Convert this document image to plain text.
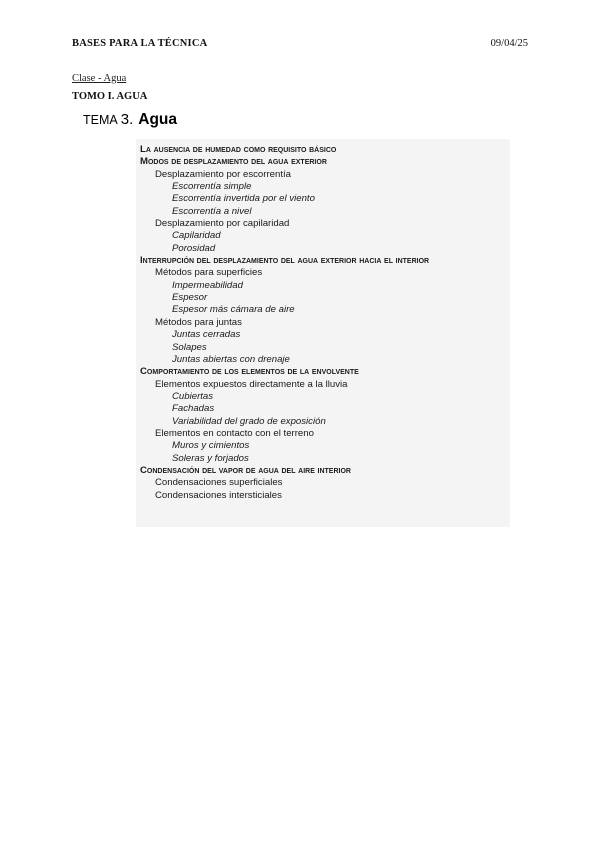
BASES PARA LA TÉCNICA	09/04/25
Clase - Agua
TOMO I. AGUA
TEMA 3. Agua
La ausencia de humedad como requisito básico
Modos de desplazamiento del agua exterior
Desplazamiento por escorrentía
Escorrentía simple
Escorrentía invertida por el viento
Escorrentía a nivel
Desplazamiento por capilaridad
Capilaridad
Porosidad
Interrupción del desplazamiento del agua exterior hacia el interior
Métodos para superficies
Impermeabilidad
Espesor
Espesor más cámara de aire
Métodos para juntas
Juntas cerradas
Solapes
Juntas abiertas con drenaje
Comportamiento de los elementos de la envolvente
Elementos expuestos directamente a la lluvia
Cubiertas
Fachadas
Variabilidad del grado de exposición
Elementos en contacto con el terreno
Muros y cimientos
Soleras y forjados
Condensación del vapor de agua del aire interior
Condensaciones superficiales
Condensaciones intersticiales
